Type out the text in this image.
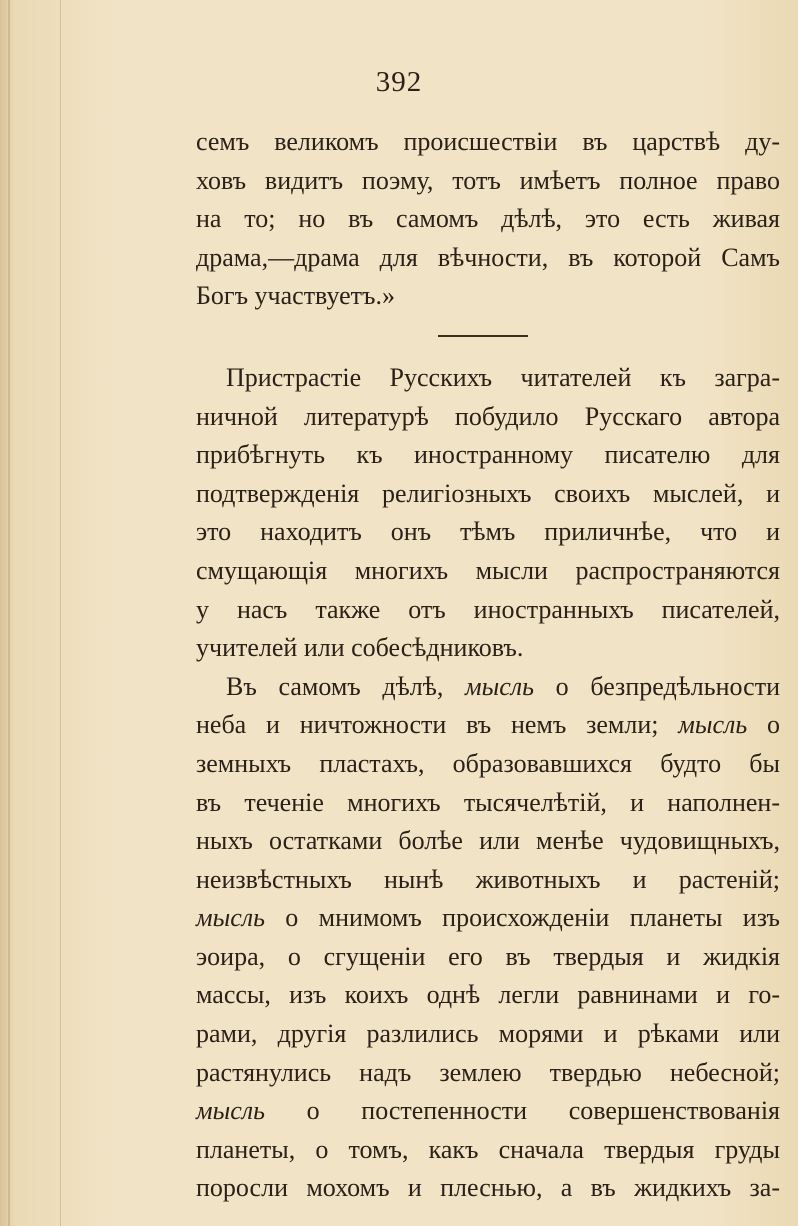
392
семъ великомъ происшествіи въ царствѣ ду-
ховъ видитъ поэму, тотъ имѣетъ полное право
на то; но въ самомъ дѣлѣ, это есть живая
драма,—драма для вѣчности, въ которой Самъ
Богъ участвуетъ.»
Пристрастіе Русскихъ читателей къ загра-
ничной литературѣ побудило Русскаго автора
прибѣгнуть къ иностранному писателю для
подтвержденія религіозныхъ своихъ мыслей, и
это находитъ онъ тѣмъ приличнѣе, что и
смущающія многихъ мысли распространяются
у насъ также отъ иностранныхъ писателей,
учителей или собесѣдниковъ.
Въ самомъ дѣлѣ, мысль о безпредѣльности
неба и ничтожности въ немъ земли; мысль о
земныхъ пластахъ, образовавшихся будто бы
въ теченіе многихъ тысячелѣтій, и наполнен-
ныхъ остатками болѣе или менѣе чудовищныхъ,
неизвѣстныхъ нынѣ животныхъ и растеній;
мысль о мнимомъ происхожденіи планеты изъ
эоира, о сгущеніи его въ твердыя и жидкія
массы, изъ коихъ однѣ легли равнинами и го-
рами, другія разлились морями и рѣками или
растянулись надъ землею твердью небесной;
мысль о постепенности совершенствованія
планеты, о томъ, какъ сначала твердыя груды
поросли мохомъ и плеснью, а въ жидкихъ за-
